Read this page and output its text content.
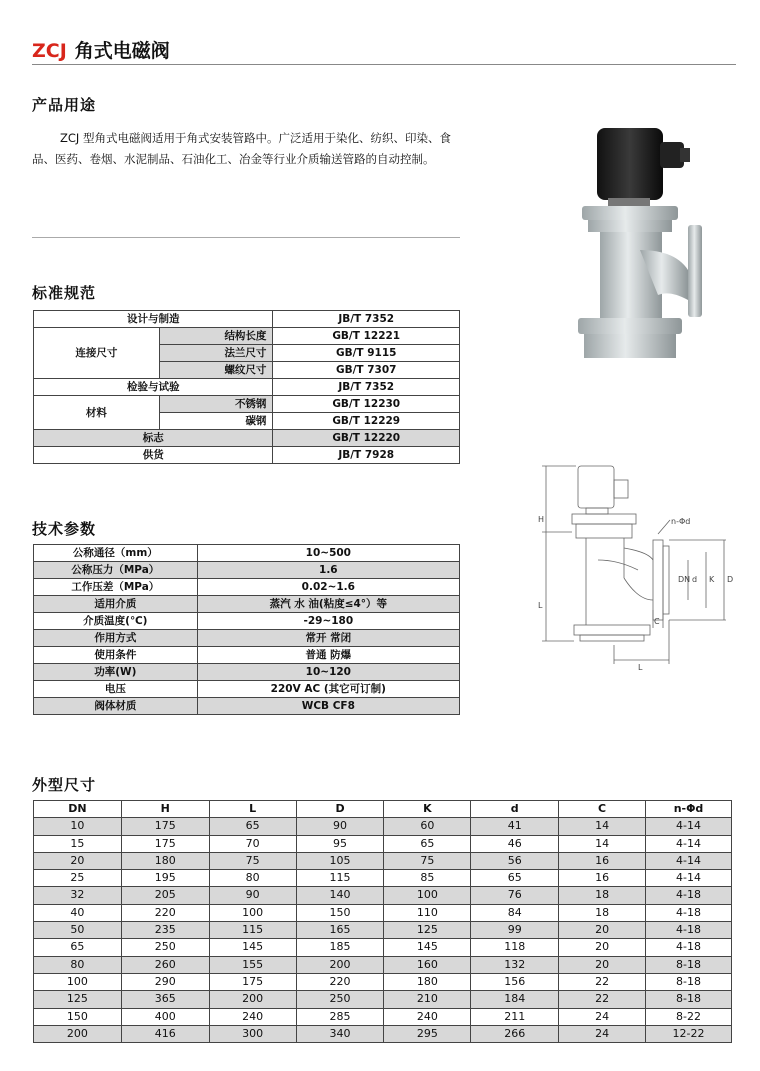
ZCJ 角式电磁阀
产品用途
ZCJ 型角式电磁阀适用于角式安装管路中。广泛适用于染化、纺织、印染、食品、医药、卷烟、水泥制品、石油化工、冶金等行业介质输送管路的自动控制。
标准规范
设计与制造		JB/T 7352
连接尺寸	结构长度	GB/T 12221
	法兰尺寸	GB/T 9115
	螺纹尺寸	GB/T 7307
检验与试验		JB/T 7352
材料	不锈钢	GB/T 12230
	碳钢	GB/T 12229
标志		GB/T 12220
供货		JB/T 7928
技术参数
公称通径（mm）	10~500
公称压力（MPa）	1.6
工作压差（MPa）	0.02~1.6
适用介质	蒸汽 水 油(粘度≤4°）等
介质温度(℃)	-29~180
作用方式	常开 常闭
使用条件	普通 防爆
功率(W)	10~120
电压	220V AC (其它可订制)
阀体材质	WCB CF8
H
L
L
n-Φd
DN d K D
C
外型尺寸
DN	H	L	D	K	d	C	n-Φd
10	175	65	90	60	41	14	4-14
15	175	70	95	65	46	14	4-14
20	180	75	105	75	56	16	4-14
25	195	80	115	85	65	16	4-14
32	205	90	140	100	76	18	4-18
40	220	100	150	110	84	18	4-18
50	235	115	165	125	99	20	4-18
65	250	145	185	145	118	20	4-18
80	260	155	200	160	132	20	8-18
100	290	175	220	180	156	22	8-18
125	365	200	250	210	184	22	8-18
150	400	240	285	240	211	24	8-22
200	416	300	340	295	266	24	12-22
